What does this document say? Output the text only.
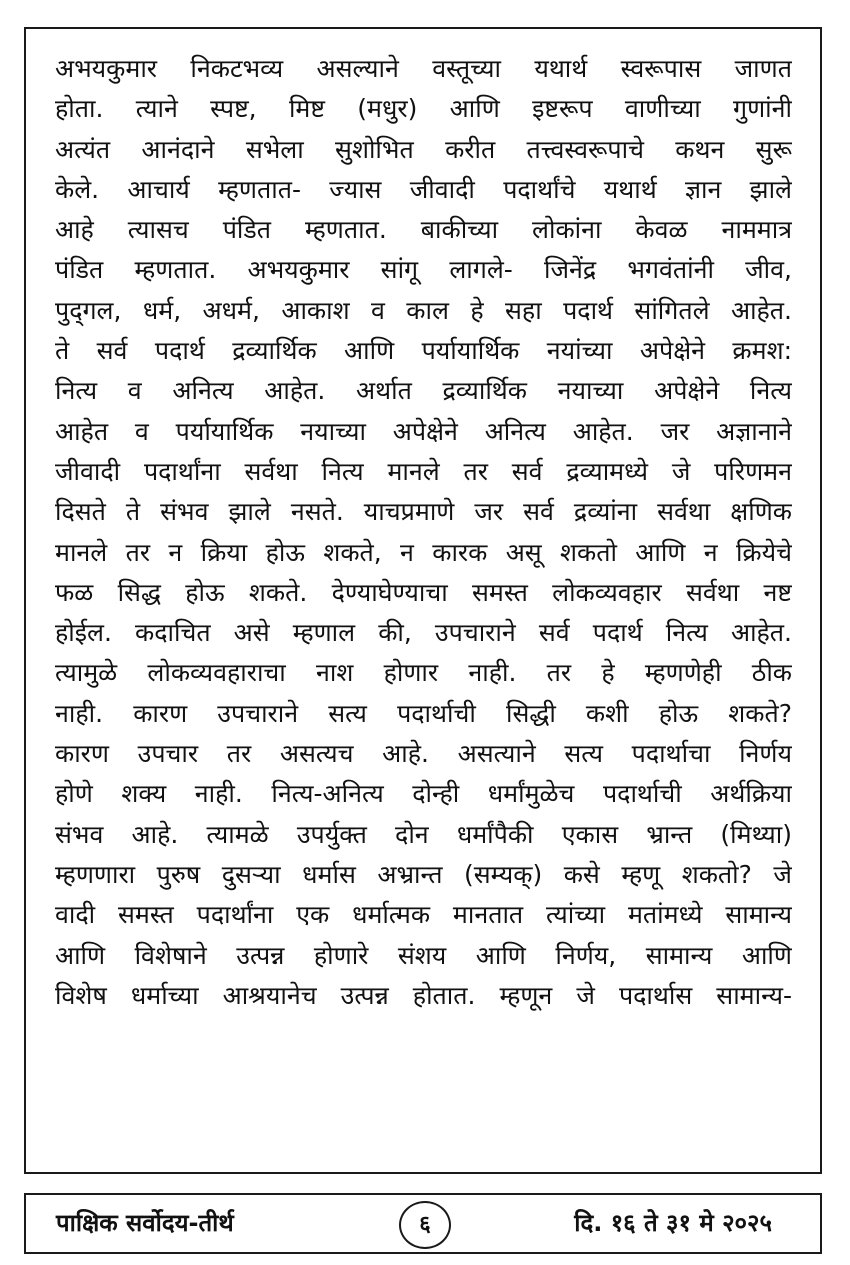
अभयकुमार निकटभव्य असल्याने वस्तूच्या यथार्थ स्वरूपास जाणत
होता. त्याने स्पष्ट, मिष्ट (मधुर) आणि इष्टरूप वाणीच्या गुणांनी
अत्यंत आनंदाने सभेला सुशोभित करीत तत्त्वस्वरूपाचे कथन सुरू
केले. आचार्य म्हणतात- ज्यास जीवादी पदार्थांचे यथार्थ ज्ञान झाले
आहे त्यासच पंडित म्हणतात. बाकीच्या लोकांना केवळ नाममात्र
पंडित म्हणतात. अभयकुमार सांगू लागले- जिनेंद्र भगवंतांनी जीव,
पुद्‌गल, धर्म, अधर्म, आकाश व काल हे सहा पदार्थ सांगितले आहेत.
ते सर्व पदार्थ द्रव्यार्थिक आणि पर्यायार्थिक नयांच्या अपेक्षेने क्रमश:
नित्य व अनित्य आहेत. अर्थात द्रव्यार्थिक नयाच्या अपेक्षेने नित्य
आहेत व पर्यायार्थिक नयाच्या अपेक्षेने अनित्य आहेत. जर अज्ञानाने
जीवादी पदार्थांना सर्वथा नित्य मानले तर सर्व द्रव्यामध्ये जे परिणमन
दिसते ते संभव झाले नसते. याचप्रमाणे जर सर्व द्रव्यांना सर्वथा क्षणिक
मानले तर न क्रिया होऊ शकते, न कारक असू शकतो आणि न क्रियेचे
फळ सिद्ध होऊ शकते. देण्याघेण्याचा समस्त लोकव्यवहार सर्वथा नष्ट
होईल. कदाचित असे म्हणाल की, उपचाराने सर्व पदार्थ नित्य आहेत.
त्यामुळे लोकव्यवहाराचा नाश होणार नाही. तर हे म्हणणेही ठीक
नाही. कारण उपचाराने सत्य पदार्थाची सिद्धी कशी होऊ शकते?
कारण उपचार तर असत्यच आहे. असत्याने सत्य पदार्थाचा निर्णय
होणे शक्य नाही. नित्य-अनित्य दोन्ही धर्मांमुळेच पदार्थाची अर्थक्रिया
संभव आहे. त्यामळे उपर्युक्त दोन धर्मांपैकी एकास भ्रान्त (मिथ्या)
म्हणणारा पुरुष दुसऱ्या धर्मास अभ्रान्त (सम्यक्) कसे म्हणू शकतो? जे
वादी समस्त पदार्थांना एक धर्मात्मक मानतात त्यांच्या मतांमध्ये सामान्य
आणि विशेषाने उत्पन्न होणारे संशय आणि निर्णय, सामान्य आणि
विशेष धर्माच्या आश्रयानेच उत्पन्न होतात. म्हणून जे पदार्थास सामान्य-
पाक्षिक सर्वोदय-तीर्थ	६	दि. १६ ते ३१ मे २०२५
